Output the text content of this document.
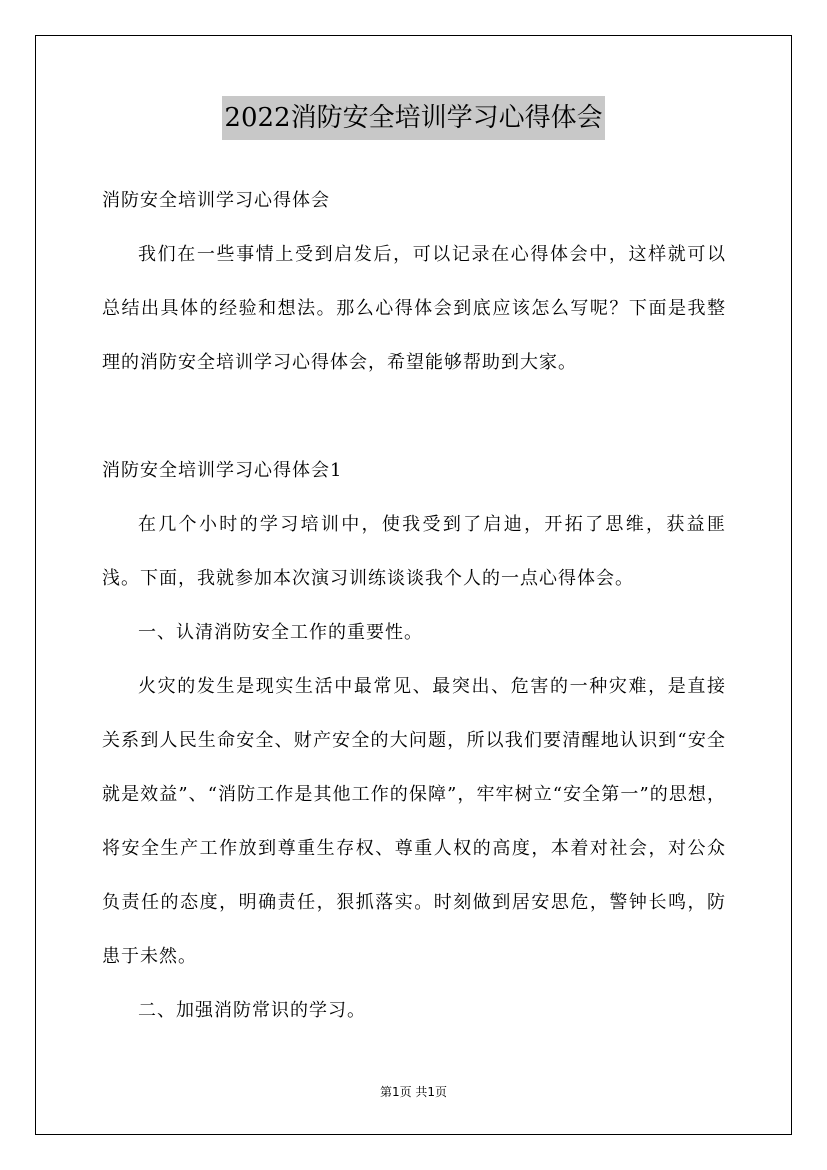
2022消防安全培训学习心得体会

消防安全培训学习心得体会

我们在一些事情上受到启发后，可以记录在心得体会中，这样就可以总结出具体的经验和想法。那么心得体会到底应该怎么写呢？下面是我整理的消防安全培训学习心得体会，希望能够帮助到大家。

消防安全培训学习心得体会1

在几个小时的学习培训中，使我受到了启迪，开拓了思维，获益匪浅。下面，我就参加本次演习训练谈谈我个人的一点心得体会。

一、认清消防安全工作的重要性。

火灾的发生是现实生活中最常见、最突出、危害的一种灾难，是直接关系到人民生命安全、财产安全的大问题，所以我们要清醒地认识到“安全就是效益”、“消防工作是其他工作的保障”，牢牢树立“安全第一”的思想，将安全生产工作放到尊重生存权、尊重人权的高度，本着对社会，对公众负责任的态度，明确责任，狠抓落实。时刻做到居安思危，警钟长鸣，防患于未然。

二、加强消防常识的学习。

第1页 共1页
